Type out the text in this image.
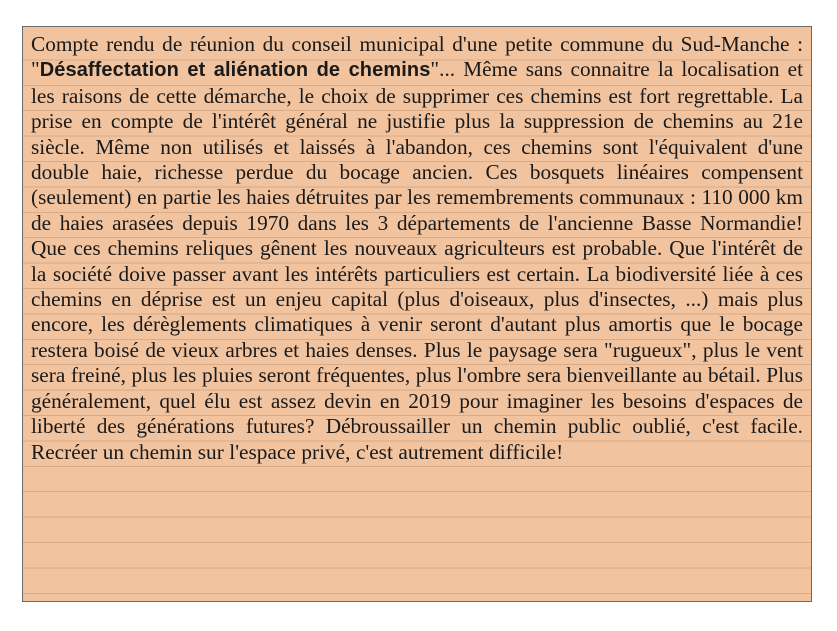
Compte rendu de réunion du conseil municipal d'une petite commune du Sud-Manche : "Désaffectation et aliénation de chemins"... Même sans connaitre la localisation et les raisons de cette démarche, le choix de supprimer ces chemins est fort regrettable. La prise en compte de l'intérêt général ne justifie plus la suppression de chemins au 21e siècle. Même non utilisés et laissés à l'abandon, ces chemins sont l'équivalent d'une double haie, richesse perdue du bocage ancien. Ces bosquets linéaires compensent (seulement) en partie les haies détruites par les remembrements communaux : 110 000 km de haies arasées depuis 1970 dans les 3 départements de l'ancienne Basse Normandie! Que ces chemins reliques gênent les nouveaux agriculteurs est probable. Que l'intérêt de la société doive passer avant les intérêts particuliers est certain. La biodiversité liée à ces chemins en déprise est un enjeu capital (plus d'oiseaux, plus d'insectes, ...) mais plus encore, les dérèglements climatiques à venir seront d'autant plus amortis que le bocage restera boisé de vieux arbres et haies denses. Plus le paysage sera "rugueux", plus le vent sera freiné, plus les pluies seront fréquentes, plus l'ombre sera bienveillante au bétail. Plus généralement, quel élu est assez devin en 2019 pour imaginer les besoins d'espaces de liberté des générations futures? Débroussailler un chemin public oublié, c'est facile. Recréer un chemin sur l'espace privé, c'est autrement difficile!
